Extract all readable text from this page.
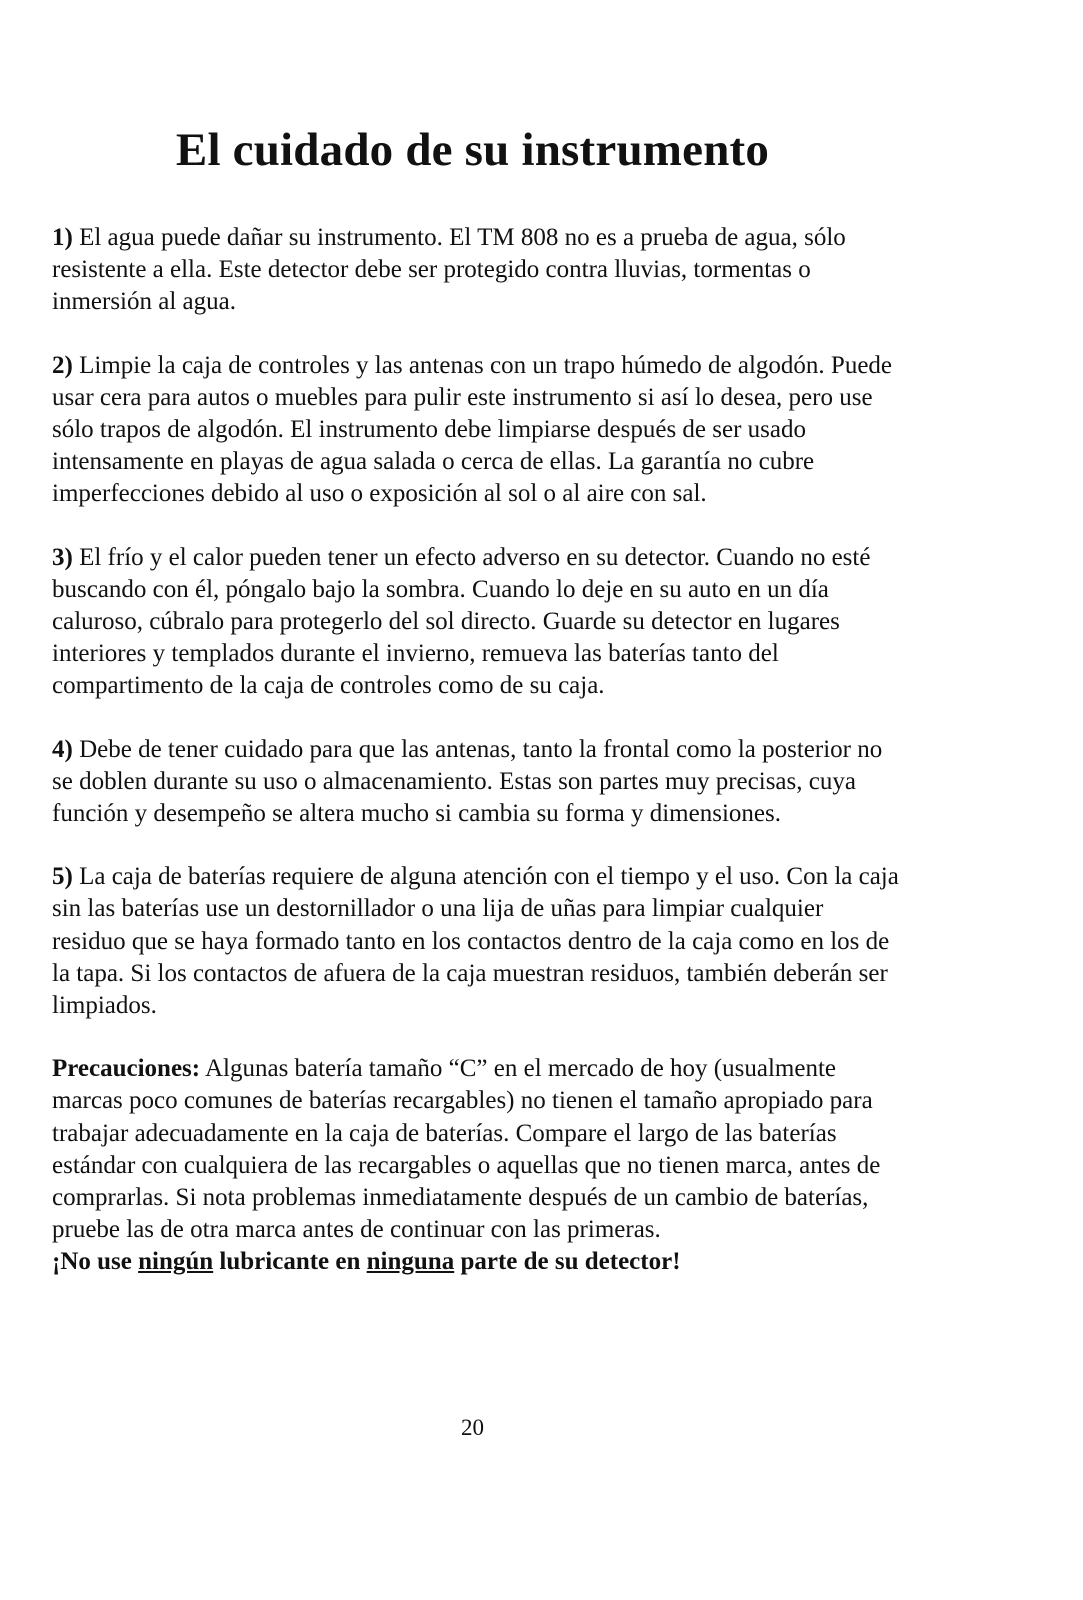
El cuidado de su instrumento

1) El agua puede dañar su instrumento. El TM 808 no es a prueba de agua, sólo resistente a ella. Este detector debe ser protegido contra lluvias, tormentas o inmersión al agua.

2) Limpie la caja de controles y las antenas con un trapo húmedo de algodón. Puede usar cera para autos o muebles para pulir este instrumento si así lo desea, pero use sólo trapos de algodón. El instrumento debe limpiarse después de ser usado intensamente en playas de agua salada o cerca de ellas. La garantía no cubre imperfecciones debido al uso o exposición al sol o al aire con sal.

3) El frío y el calor pueden tener un efecto adverso en su detector. Cuando no esté buscando con él, póngalo bajo la sombra. Cuando lo deje en su auto en un día caluroso, cúbralo para protegerlo del sol directo. Guarde su detector en lugares interiores y templados durante el invierno, remueva las baterías tanto del compartimento de la caja de controles como de su caja.

4) Debe de tener cuidado para que las antenas, tanto la frontal como la posterior no se doblen durante su uso o almacenamiento. Estas son partes muy precisas, cuya función y desempeño se altera mucho si cambia su forma y dimensiones.

5) La caja de baterías requiere de alguna atención con el tiempo y el uso. Con la caja sin las baterías use un destornillador o una lija de uñas para limpiar cualquier residuo que se haya formado tanto en los contactos dentro de la caja como en los de la tapa. Si los contactos de afuera de la caja muestran residuos, también deberán ser limpiados.

Precauciones: Algunas batería tamaño “C” en el mercado de hoy (usualmente marcas poco comunes de baterías recargables) no tienen el tamaño apropiado para trabajar adecuadamente en la caja de baterías. Compare el largo de las baterías estándar con cualquiera de las recargables o aquellas que no tienen marca, antes de comprarlas. Si nota problemas inmediatamente después de un cambio de baterías, pruebe las de otra marca antes de continuar con las primeras.

¡No use ningún lubricante en ninguna parte de su detector!

20
